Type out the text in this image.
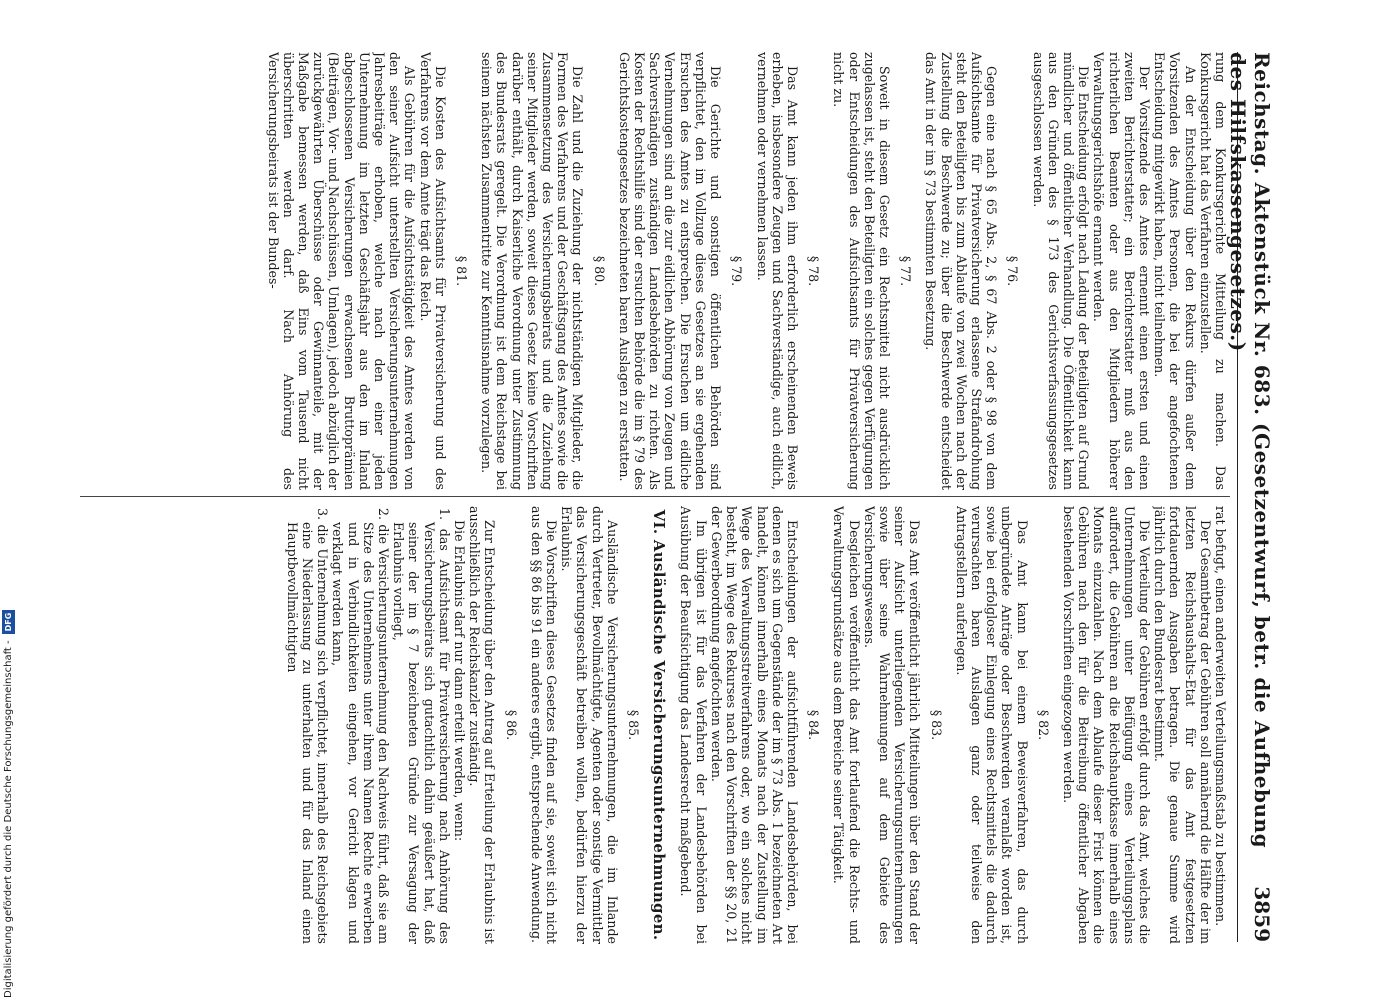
Reichstag. Aktenstück Nr. 683. (Gesetzentwurf, betr. die Aufhebung des Hilfskassengesetzes.)
3859

rung dem Konkursgerichte Mitteilung zu machen. Das Konkursgericht hat das Verfahren einzustellen.

An der Entscheidung über den Rekurs dürfen außer dem Vorsitzenden des Amtes Personen, die bei der angefochtenen Entscheidung mitgewirkt haben, nicht teilnehmen.

Der Vorsitzende des Amtes ernennt einen ersten und einen zweiten Berichterstatter; ein Berichterstatter muß aus den richterlichen Beamten oder aus den Mitgliedern höherer Verwaltungsgerichtshöfe ernannt werden.

Die Entscheidung erfolgt nach Ladung der Beteiligten auf Grund mündlicher und öffentlicher Verhandlung. Die Öffentlichkeit kann aus den Gründen des § 173 des Gerichtsverfassungsgesetzes ausgeschlossen werden.

§ 76.

Gegen eine nach § 65 Abs. 2, § 67 Abs. 2 oder § 98 von dem Aufsichtsamte für Privatversicherung erlassene Strafandrohung steht den Beteiligten bis zum Ablaufe von zwei Wochen nach der Zustellung die Beschwerde zu; über die Beschwerde entscheidet das Amt in der im § 73 bestimmten Besetzung.

§ 77.

Soweit in diesem Gesetz ein Rechtsmittel nicht ausdrücklich zugelassen ist, steht den Beteiligten ein solches gegen Verfügungen oder Entscheidungen des Aufsichtsamts für Privatversicherung nicht zu.

§ 78.

Das Amt kann jeden ihm erforderlich erscheinenden Beweis erheben, insbesondere Zeugen und Sachverständige, auch eidlich, vernehmen oder vernehmen lassen.

§ 79.

Die Gerichte und sonstigen öffentlichen Behörden sind verpflichtet, den im Vollzuge dieses Gesetzes an sie ergehenden Ersuchen des Amtes zu entsprechen. Die Ersuchen um eidliche Vernehmungen sind an die zur eidlichen Abhörung von Zeugen und Sachverständigen zuständigen Landesbehörden zu richten. Als Kosten der Rechtshilfe sind der ersuchten Behörde die im § 79 des Gerichtskostengesetzes bezeichneten baren Auslagen zu erstatten.

§ 80.

Die Zahl und die Zuziehung der nichtständigen Mitglieder, die Formen des Verfahrens und der Geschäftsgang des Amtes sowie die Zusammensetzung des Versicherungsbeirats und die Zuziehung seiner Mitglieder werden, soweit dieses Gesetz keine Vorschriften darüber enthält, durch Kaiserliche Verordnung unter Zustimmung des Bundesrats geregelt. Die Verordnung ist dem Reichstage bei seinem nächsten Zusammentritte zur Kenntnisnahme vorzulegen.

§ 81.

Die Kosten des Aufsichtsamts für Privatversicherung und des Verfahrens vor dem Amte trägt das Reich.

Als Gebühren für die Aufsichtstätigkeit des Amtes werden von den seiner Aufsicht unterstellten Versicherungsunternehmungen Jahresbeiträge erhoben, welche nach den einer jeden Unternehmung im letzten Geschäftsjahr aus den im Inland abgeschlossenen Versicherungen erwachsenen Bruttoprämien (Beiträgen, Vor- und Nachschüssen, Umlagen), jedoch abzüglich der zurückgewährten Überschüsse oder Gewinnanteile, mit der Maßgabe bemessen werden, daß Eins vom Tausend nicht überschritten werden darf. Nach Anhörung des Versicherungsbeirats ist der Bundes-

rat befugt, einen anderweiten Verteilungsmaßstab zu bestimmen.

Der Gesamtbetrag der Gebühren soll annähernd die Hälfte der im letzten Reichshaushalts-Etat für das Amt festgesetzten fortdauernden Ausgaben betragen. Die genaue Summe wird jährlich durch den Bundesrat bestimmt.

Die Verteilung der Gebühren erfolgt durch das Amt, welches die Unternehmungen unter Beifügung eines Verteilungsplans auffordert, die Gebühren an die Reichshauptkasse innerhalb eines Monats einzuzahlen. Nach dem Ablaufe dieser Frist können die Gebühren nach den für die Beitreibung öffentlicher Abgaben bestehenden Vorschriften eingezogen werden.

§ 82.

Das Amt kann bei einem Beweisverfahren, das durch unbegründete Anträge oder Beschwerden veranlaßt worden ist, sowie bei erfolgloser Einlegung eines Rechtsmittels die dadurch verursachten baren Auslagen ganz oder teilweise den Antragstellern auferlegen.

§ 83.

Das Amt veröffentlicht jährlich Mitteilungen über den Stand der seiner Aufsicht unterliegenden Versicherungsunternehmungen sowie über seine Wahrnehmungen auf dem Gebiete des Versicherungswesens.

Desgleichen veröffentlicht das Amt fortlaufend die Rechts- und Verwaltungsgrundsätze aus dem Bereiche seiner Tätigkeit.

§ 84.

Entscheidungen der aufsichtführenden Landesbehörden, bei denen es sich um Gegenstände der im § 73 Abs. 1 bezeichneten Art handelt, können innerhalb eines Monats nach der Zustellung im Wege des Verwaltungsstreitverfahrens oder, wo ein solches nicht besteht, im Wege des Rekurses nach den Vorschriften der §§ 20, 21 der Gewerbeordnung angefochten werden.

Im übrigen ist für das Verfahren der Landesbehörden bei Ausübung der Beaufsichtigung das Landesrecht maßgebend.

VI. Ausländische Versicherungsunternehmungen.

§ 85.

Ausländische Versicherungsunternehmungen, die im Inlande durch Vertreter, Bevollmächtigte, Agenten oder sonstige Vermittler das Versicherungsgeschäft betreiben wollen, bedürfen hierzu der Erlaubnis.

Die Vorschriften dieses Gesetzes finden auf sie, soweit sich nicht aus den §§ 86 bis 91 ein anderes ergibt, entsprechende Anwendung.

§ 86.

Zur Entscheidung über den Antrag auf Erteilung der Erlaubnis ist ausschließlich der Reichskanzler zuständig.

Die Erlaubnis darf nur dann erteilt werden, wenn:

1. das Aufsichtsamt für Privatversicherung nach Anhörung des Versicherungsbeirats sich gutachtlich dahin geäußert hat, daß seiner der im § 7 bezeichneten Gründe zur Versagung der Erlaubnis vorliegt,
2. die Versicherungsunternehmung den Nachweis führt, daß sie am Sitze des Unternehmens unter ihrem Namen Rechte erwerben und in Verbindlichkeiten eingehen, vor Gericht klagen und verklagt werden kann,
3. die Unternehmung sich verpflichtet, innerhalb des Reichsgebiets eine Niederlassung zu unterhalten und für das Inland einen Hauptbevollmächtigten
Digitalisierung gefördert durch die Deutsche Forschungsgemeinschaft -
DFG
